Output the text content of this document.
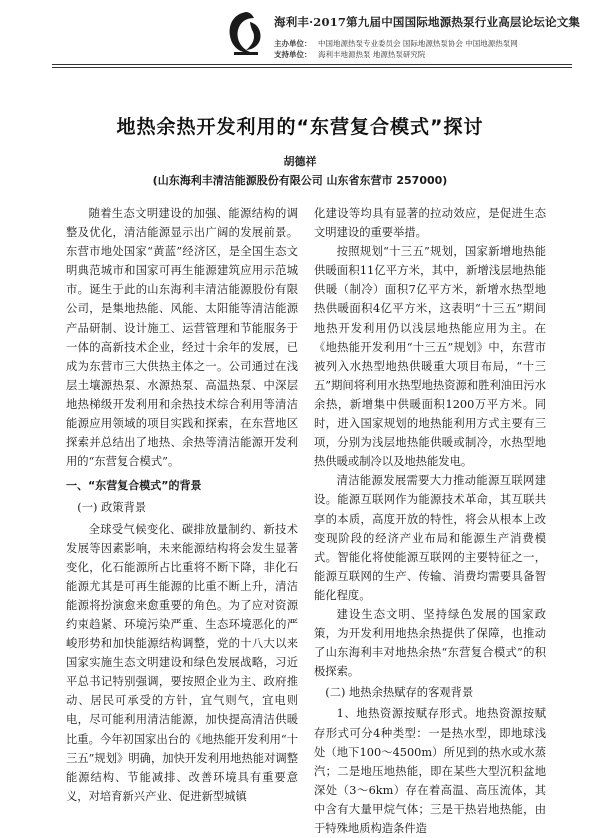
海利丰·2017第九届中国国际地源热泵行业高层论坛论文集
主办单位： 中国地源热泵专业委员会 国际地源热泵协会 中国地源热泵网
支持单位： 海利丰地源热泵 地源热泵研究院
地热余热开发利用的“东营复合模式”探讨
胡德祥
(山东海利丰清洁能源股份有限公司 山东省东营市 257000)

随着生态文明建设的加强、能源结构的调整及优化，清洁能源显示出广阔的发展前景。东营市地处国家“黄蓝”经济区，是全国生态文明典范城市和国家可再生能源建筑应用示范城市。诞生于此的山东海利丰清洁能源股份有限公司，是集地热能、风能、太阳能等清洁能源产品研制、设计施工、运营管理和节能服务于一体的高新技术企业，经过十余年的发展，已成为东营市三大供热主体之一。公司通过在浅层土壤源热泵、水源热泵、高温热泵、中深层地热梯级开发利用和余热技术综合利用等清洁能源应用领域的项目实践和探索，在东营地区探索并总结出了地热、余热等清洁能源开发利用的“东营复合模式”。

一、“东营复合模式”的背景
(一) 政策背景

全球受气候变化、碳排放量制约、新技术发展等因素影响，未来能源结构将会发生显著变化，化石能源所占比重将不断下降，非化石能源尤其是可再生能源的比重不断上升，清洁能源将扮演愈来愈重要的角色。为了应对资源约束趋紧、环境污染严重、生态环境恶化的严峻形势和加快能源结构调整，党的十八大以来国家实施生态文明建设和绿色发展战略，习近平总书记特别强调，要按照企业为主、政府推动、居民可承受的方针，宜气则气，宜电则电，尽可能利用清洁能源，加快提高清洁供暖比重。今年初国家出台的《地热能开发利用“十三五”规划》明确，加快开发利用地热能对调整能源结构、节能减排、改善环境具有重要意义，对培育新兴产业、促进新型城镇

化建设等均具有显著的拉动效应，是促进生态文明建设的重要举措。

按照规划“十三五”规划，国家新增地热能供暖面积11亿平方米，其中，新增浅层地热能供暖（制冷）面积7亿平方米，新增水热型地热供暖面积4亿平方米，这表明“十三五”期间地热开发利用仍以浅层地热能应用为主。在《地热能开发利用“十三五”规划》中，东营市被列入水热型地热供暖重大项目布局，“十三五”期间将利用水热型地热资源和胜利油田污水余热，新增集中供暖面积1200万平方米。同时，进入国家规划的地热能利用方式主要有三项，分别为浅层地热能供暖或制冷，水热型地热供暖或制冷以及地热能发电。

清洁能源发展需要大力推动能源互联网建设。能源互联网作为能源技术革命，其互联共享的本质，高度开放的特性，将会从根本上改变现阶段的经济产业布局和能源生产消费模式。智能化将使能源互联网的主要特征之一，能源互联网的生产、传输、消费均需要具备智能化程度。

建设生态文明、坚持绿色发展的国家政策，为开发利用地热余热提供了保障，也推动了山东海利丰对地热余热“东营复合模式”的积极探索。

(二) 地热余热赋存的客观背景

1、地热资源按赋存形式。地热资源按赋存形式可分4种类型：一是热水型，即地球浅处（地下100～4500m）所见到的热水或水蒸汽；二是地压地热能，即在某些大型沉积盆地深处（3～6km）存在着高温、高压流体，其中含有大量甲烷气体；三是干热岩地热能，由于特殊地质构造条件造
